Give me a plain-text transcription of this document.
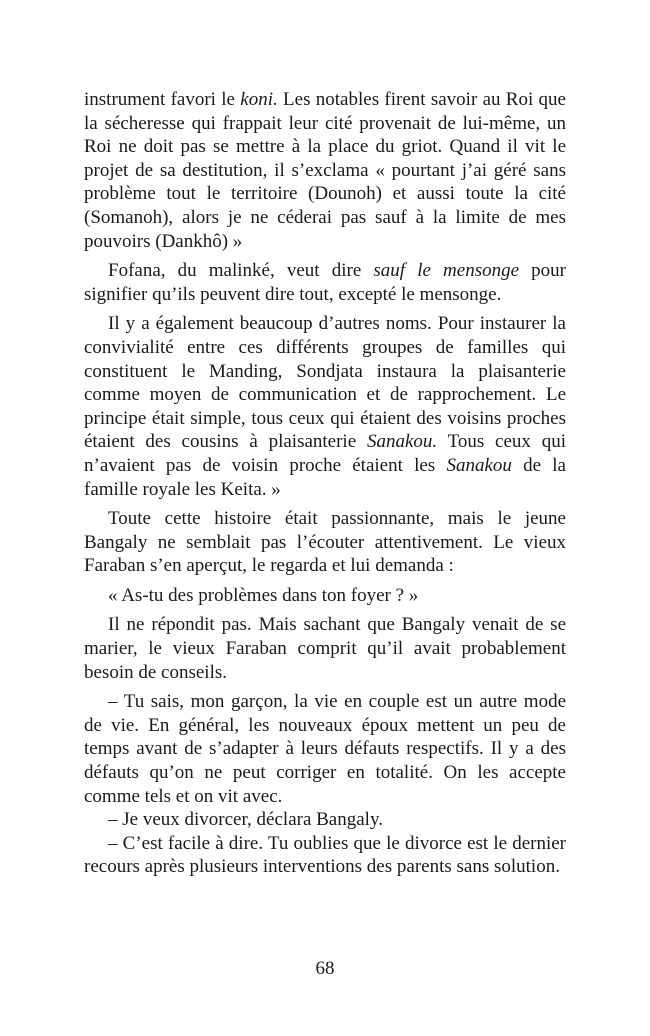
instrument favori le koni. Les notables firent savoir au Roi que la sécheresse qui frappait leur cité provenait de lui-même, un Roi ne doit pas se mettre à la place du griot. Quand il vit le projet de sa destitution, il s’exclama « pourtant j’ai géré sans problème tout le territoire (Dounoh) et aussi toute la cité (Somanoh), alors je ne céderai pas sauf à la limite de mes pouvoirs (Dankhô) »

Fofana, du malinké, veut dire sauf le mensonge pour signifier qu’ils peuvent dire tout, excepté le mensonge.

Il y a également beaucoup d’autres noms. Pour instaurer la convivialité entre ces différents groupes de familles qui constituent le Manding, Sondjata instaura la plaisanterie comme moyen de communication et de rapprochement. Le principe était simple, tous ceux qui étaient des voisins proches étaient des cousins à plaisanterie Sanakou. Tous ceux qui n’avaient pas de voisin proche étaient les Sanakou de la famille royale les Keita. »

Toute cette histoire était passionnante, mais le jeune Bangaly ne semblait pas l’écouter attentivement. Le vieux Faraban s’en aperçut, le regarda et lui demanda :

« As-tu des problèmes dans ton foyer ? »

Il ne répondit pas. Mais sachant que Bangaly venait de se marier, le vieux Faraban comprit qu’il avait probablement besoin de conseils.

– Tu sais, mon garçon, la vie en couple est un autre mode de vie. En général, les nouveaux époux mettent un peu de temps avant de s’adapter à leurs défauts respectifs. Il y a des défauts qu’on ne peut corriger en totalité. On les accepte comme tels et on vit avec.

– Je veux divorcer, déclara Bangaly.

– C’est facile à dire. Tu oublies que le divorce est le dernier recours après plusieurs interventions des parents sans solution.

68
